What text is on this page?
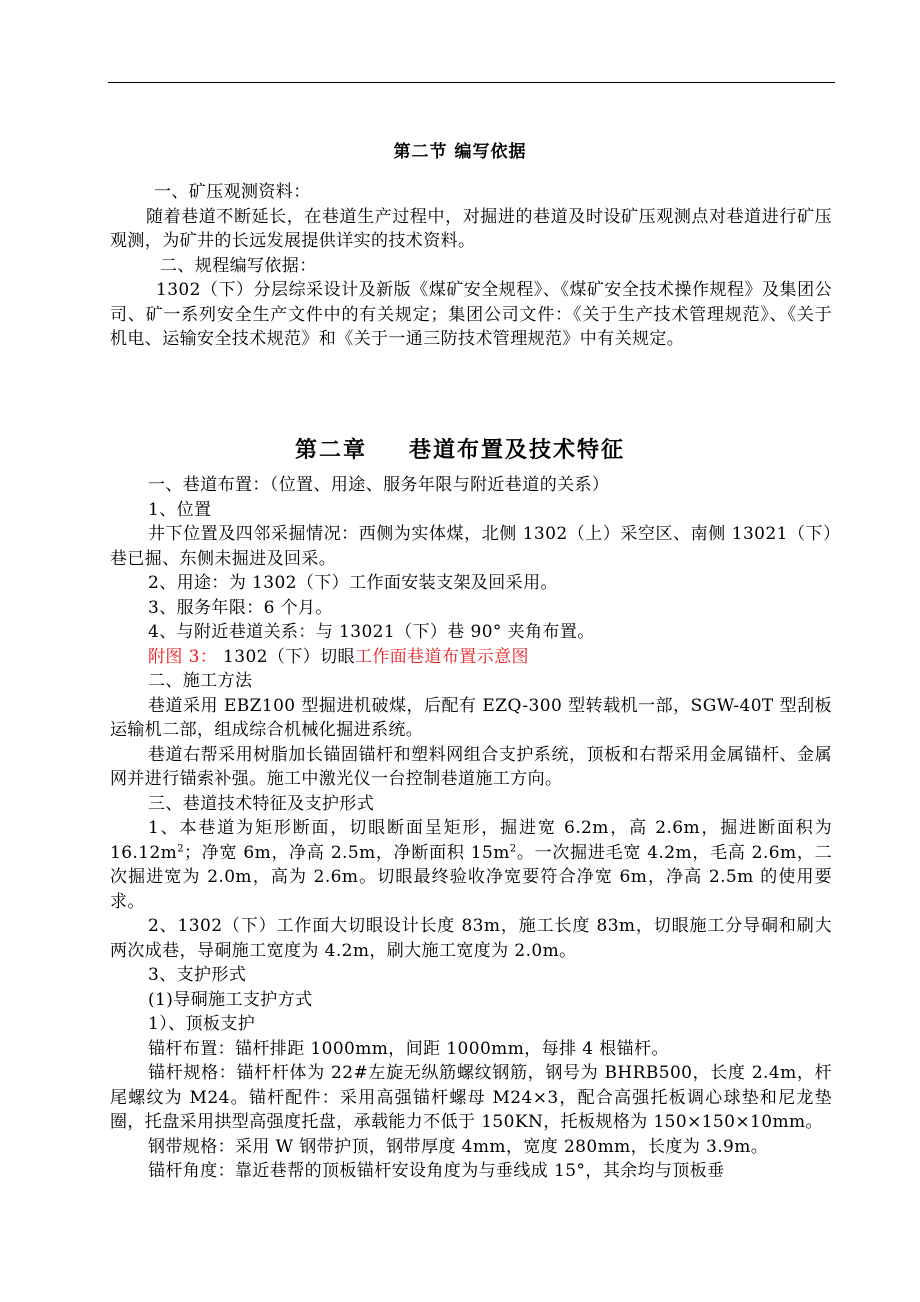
第二节 编写依据

一、矿压观测资料：

随着巷道不断延长，在巷道生产过程中，对掘进的巷道及时设矿压观测点对巷道进行矿压观测，为矿井的长远发展提供详实的技术资料。

二、规程编写依据：

1302（下）分层综采设计及新版《煤矿安全规程》、《煤矿安全技术操作规程》及集团公司、矿一系列安全生产文件中的有关规定；集团公司文件：《关于生产技术管理规范》、《关于机电、运输安全技术规范》和《关于一通三防技术管理规范》中有关规定。

第二章 巷道布置及技术特征

一、巷道布置：（位置、用途、服务年限与附近巷道的关系）

1、位置

井下位置及四邻采掘情况：西侧为实体煤，北侧 1302（上）采空区、南侧 13021（下）巷已掘、东侧未掘进及回采。

2、用途：为 1302（下）工作面安装支架及回采用。

3、服务年限：6 个月。

4、与附近巷道关系：与 13021（下）巷 90° 夹角布置。

附图 3： 1302（下）切眼工作面巷道布置示意图

二、施工方法

巷道采用 EBZ100 型掘进机破煤，后配有 EZQ-300 型转载机一部，SGW-40T 型刮板运输机二部，组成综合机械化掘进系统。

巷道右帮采用树脂加长锚固锚杆和塑料网组合支护系统，顶板和右帮采用金属锚杆、金属网并进行锚索补强。施工中激光仪一台控制巷道施工方向。

三、巷道技术特征及支护形式

1、本巷道为矩形断面，切眼断面呈矩形，掘进宽 6.2m，高 2.6m，掘进断面积为 $16.12m^2$；净宽 6m，净高 2.5m，净断面积 $15m^2$。一次掘进毛宽 4.2m，毛高 2.6m，二次掘进宽为 2.0m，高为 2.6m。切眼最终验收净宽要符合净宽 6m，净高 2.5m 的使用要求。

2、1302（下）工作面大切眼设计长度 83m，施工长度 83m，切眼施工分导硐和刷大两次成巷，导硐施工宽度为 4.2m，刷大施工宽度为 2.0m。

3、支护形式

(1)导硐施工支护方式

1）、顶板支护

锚杆布置：锚杆排距 1000mm，间距 1000mm，每排 4 根锚杆。

锚杆规格：锚杆杆体为 22#左旋无纵筋螺纹钢筋，钢号为 BHRB500，长度 2.4m，杆尾螺纹为 M24。锚杆配件：采用高强锚杆螺母 M24×3，配合高强托板调心球垫和尼龙垫圈，托盘采用拱型高强度托盘，承载能力不低于 150KN，托板规格为 150×150×10mm。

钢带规格：采用 W 钢带护顶，钢带厚度 4mm，宽度 280mm，长度为 3.9m。

锚杆角度：靠近巷帮的顶板锚杆安设角度为与垂线成 15°，其余均与顶板垂
